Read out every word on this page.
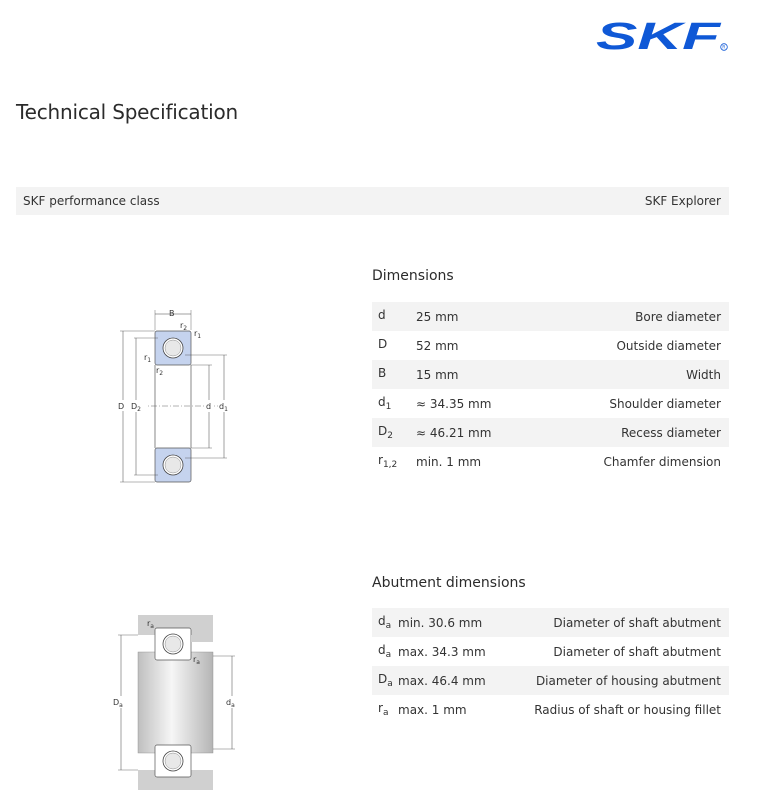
SKF R
Technical Specification
SKF performance class	SKF Explorer
B
$r_2$
$r_1$
$r_1$
$r_2$
D $D_2$	d $d_1$
Dimensions
d	25 mm	Bore diameter
D	52 mm	Outside diameter
B	15 mm	Width
$d_1$	≈ 34.35 mm	Shoulder diameter
$D_2$	≈ 46.21 mm	Recess diameter
$r_{1,2}$	min. 1 mm	Chamfer dimension
$r_a$
$r_a$
$D_a$	$d_a$
Abutment dimensions
$d_a$ min. 30.6 mm	Diameter of shaft abutment
$d_a$ max. 34.3 mm	Diameter of shaft abutment
$D_a$ max. 46.4 mm	Diameter of housing abutment
$r_a$ max. 1 mm	Radius of shaft or housing fillet
